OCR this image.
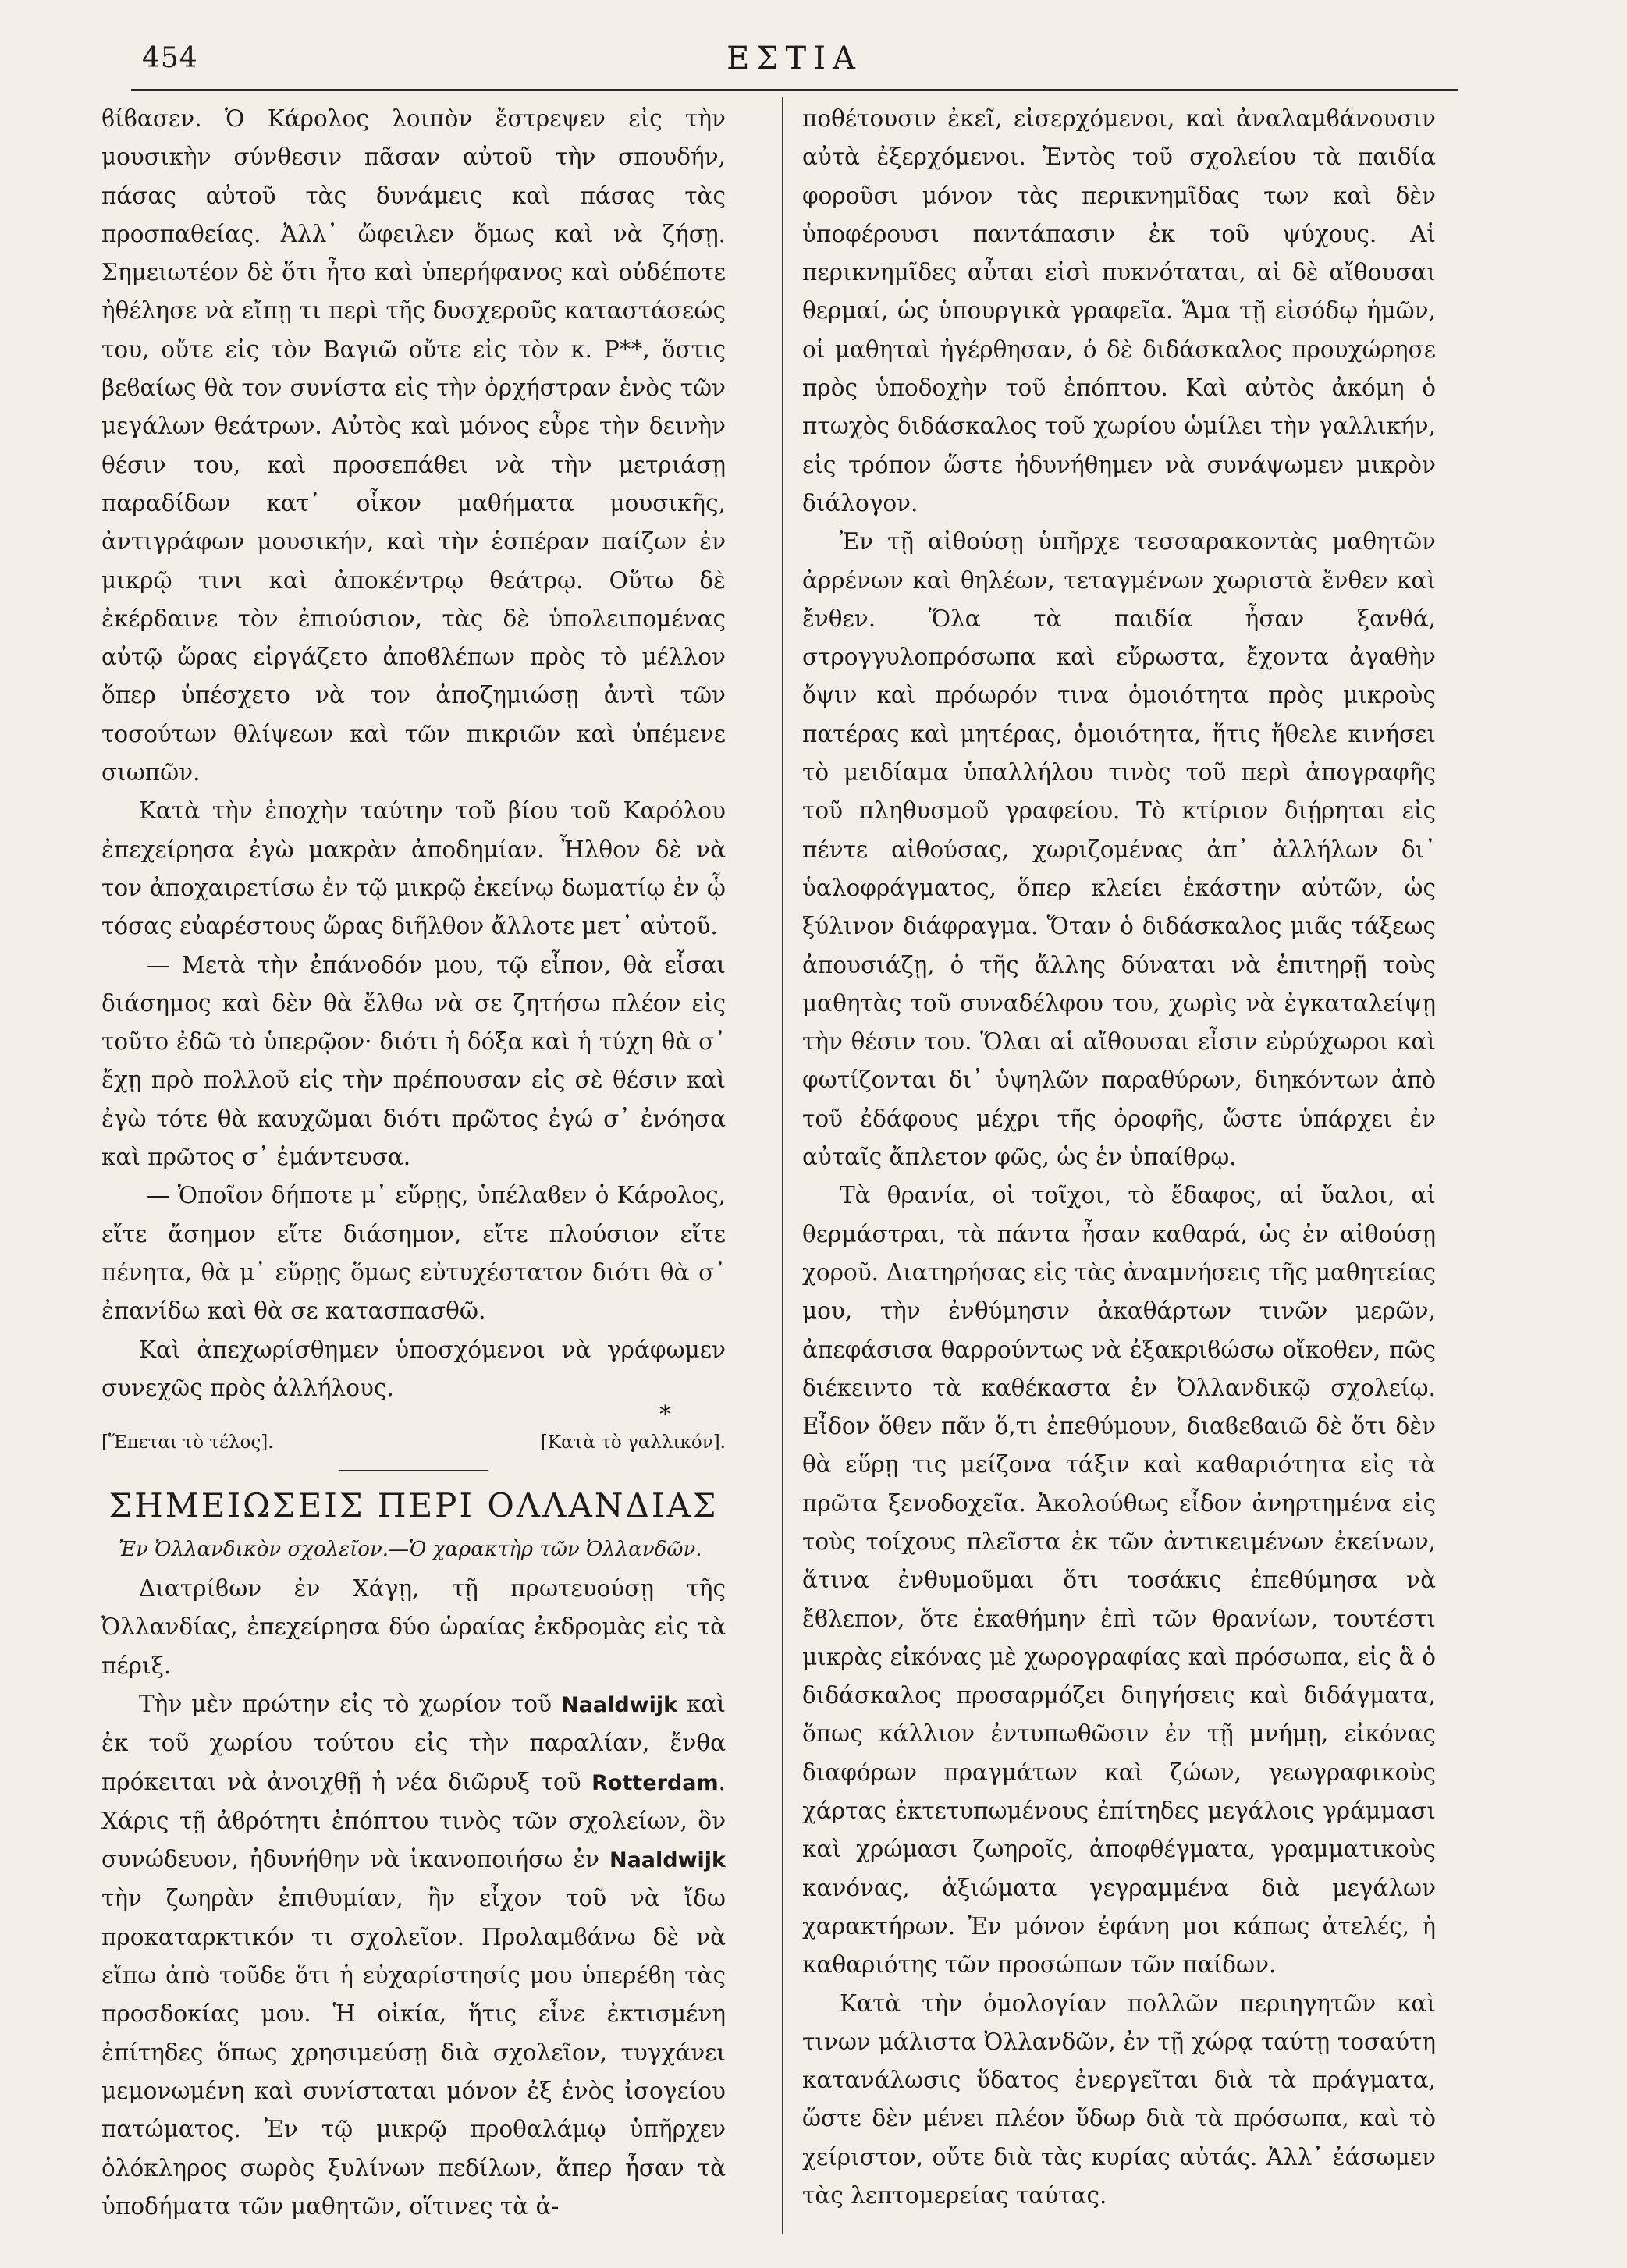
454	ΕΣΤΙΑ

ϐίϐασεν. Ὁ Κάρολος λοιπὸν ἔστρεψεν εἰς τὴν μουσικὴν σύνθεσιν πᾶσαν αὐτοῦ τὴν σπουδήν, πάσας αὐτοῦ τὰς δυνάμεις καὶ πάσας τὰς προσπαθείας. Ἀλλ᾽ ὤφειλεν ὅμως καὶ νὰ ζήσῃ. Σημειωτέον δὲ ὅτι ἦτο καὶ ὑπερήφανος καὶ οὐδέποτε ἠθέλησε νὰ εἴπῃ τι περὶ τῆς δυσχεροῦς καταστάσεώς του, οὔτε εἰς τὸν Βαγιῶ οὔτε εἰς τὸν κ. Ρ**, ὅστις βεϐαίως θὰ τον συνίστα εἰς τὴν ὀρχήστραν ἑνὸς τῶν μεγάλων θεάτρων. Αὐτὸς καὶ μόνος εὗρε τὴν δεινὴν θέσιν του, καὶ προσεπάθει νὰ τὴν μετριάσῃ παραδίδων κατ᾽ οἶκον μαθήματα μουσικῆς, ἀντιγράφων μουσικήν, καὶ τὴν ἑσπέραν παίζων ἐν μικρῷ τινι καὶ ἀποκέντρῳ θεάτρῳ. Οὕτω δὲ ἐκέρδαινε τὸν ἐπιούσιον, τὰς δὲ ὑπολειπομένας αὐτῷ ὥρας εἰργάζετο ἀποϐλέπων πρὸς τὸ μέλλον ὅπερ ὑπέσχετο νὰ τον ἀποζημιώσῃ ἀντὶ τῶν τοσούτων θλίψεων καὶ τῶν πικριῶν καὶ ὑπέμενε σιωπῶν.

Κατὰ τὴν ἐποχὴν ταύτην τοῦ βίου τοῦ Καρόλου ἐπεχείρησα ἐγὼ μακρὰν ἀποδημίαν. Ἦλθον δὲ νὰ τον ἀποχαιρετίσω ἐν τῷ μικρῷ ἐκείνῳ δωματίῳ ἐν ᾧ τόσας εὐαρέστους ὥρας διῆλθον ἄλλοτε μετ᾽ αὐτοῦ.

— Μετὰ τὴν ἐπάνοδόν μου, τῷ εἶπον, θὰ εἶσαι διάσημος καὶ δὲν θὰ ἔλθω νὰ σε ζητήσω πλέον εἰς τοῦτο ἐδῶ τὸ ὑπερῷον· διότι ἡ δόξα καὶ ἡ τύχη θὰ σ᾽ ἔχῃ πρὸ πολλοῦ εἰς τὴν πρέπουσαν εἰς σὲ θέσιν καὶ ἐγὼ τότε θὰ καυχῶμαι διότι πρῶτος ἐγώ σ᾽ ἐνόησα καὶ πρῶτος σ᾽ ἐμάντευσα.

— Ὁποῖον δήποτε μ᾽ εὕρῃς, ὑπέλαϐεν ὁ Κάρολος, εἴτε ἄσημον εἴτε διάσημον, εἴτε πλούσιον εἴτε πένητα, θὰ μ᾽ εὕρῃς ὅμως εὐτυχέστατον διότι θὰ σ᾽ ἐπανίδω καὶ θὰ σε κατασπασθῶ.

Καὶ ἀπεχωρίσθημεν ὑποσχόμενοι νὰ γράφωμεν συνεχῶς πρὸς ἀλλήλους.

*
[Ἕπεται τὸ τέλος].	[Κατὰ τὸ γαλλικόν].
ΣΗΜΕΙΩΣΕΙΣ ΠΕΡΙ ΟΛΛΑΝΔΙΑΣ
Ἐν Ὀλλανδικὸν σχολεῖον.—Ὁ χαρακτὴρ τῶν Ὀλλανδῶν.

Διατρίϐων ἐν Χάγῃ, τῇ πρωτευούσῃ τῆς Ὀλλανδίας, ἐπεχείρησα δύο ὡραίας ἐκδρομὰς εἰς τὰ πέριξ.

Τὴν μὲν πρώτην εἰς τὸ χωρίον τοῦ Naaldwijk καὶ ἐκ τοῦ χωρίου τούτου εἰς τὴν παραλίαν, ἔνθα πρόκειται νὰ ἀνοιχθῇ ἡ νέα διῶρυξ τοῦ Rotterdam. Χάρις τῇ ἀϐρότητι ἐπόπτου τινὸς τῶν σχολείων, ὃν συνώδευον, ἠδυνήθην νὰ ἱκανοποιήσω ἐν Naaldwijk τὴν ζωηρὰν ἐπιθυμίαν, ἣν εἶχον τοῦ νὰ ἴδω προκαταρκτικόν τι σχολεῖον. Προλαμϐάνω δὲ νὰ εἴπω ἀπὸ τοῦδε ὅτι ἡ εὐχαρίστησίς μου ὑπερέϐη τὰς προσδοκίας μου. Ἡ οἰκία, ἥτις εἶνε ἐκτισμένη ἐπίτηδες ὅπως χρησιμεύσῃ διὰ σχολεῖον, τυγχάνει μεμονωμένη καὶ συνίσταται μόνον ἐξ ἑνὸς ἰσογείου πατώματος. Ἐν τῷ μικρῷ προθαλάμῳ ὑπῆρχεν ὁλόκληρος σωρὸς ξυλίνων πεδίλων, ἅπερ ἦσαν τὰ ὑποδήματα τῶν μαθητῶν, οἵτινες τὰ ἀ-

ποθέτουσιν ἐκεῖ, εἰσερχόμενοι, καὶ ἀναλαμϐάνουσιν αὐτὰ ἐξερχόμενοι. Ἐντὸς τοῦ σχολείου τὰ παιδία φοροῦσι μόνον τὰς περικνημῖδας των καὶ δὲν ὑποφέρουσι παντάπασιν ἐκ τοῦ ψύχους. Αἱ περικνημῖδες αὗται εἰσὶ πυκνόταται, αἱ δὲ αἴθουσαι θερμαί, ὡς ὑπουργικὰ γραφεῖα. Ἅμα τῇ εἰσόδῳ ἡμῶν, οἱ μαθηταὶ ἠγέρθησαν, ὁ δὲ διδάσκαλος προυχώρησε πρὸς ὑποδοχὴν τοῦ ἐπόπτου. Καὶ αὐτὸς ἀκόμη ὁ πτωχὸς διδάσκαλος τοῦ χωρίου ὡμίλει τὴν γαλλικήν, εἰς τρόπον ὥστε ἠδυνήθημεν νὰ συνάψωμεν μικρὸν διάλογον.

Ἐν τῇ αἰθούσῃ ὑπῆρχε τεσσαρακοντὰς μαθητῶν ἀρρένων καὶ θηλέων, τεταγμένων χωριστὰ ἔνθεν καὶ ἔνθεν. Ὅλα τὰ παιδία ἦσαν ξανθά, στρογγυλοπρόσωπα καὶ εὔρωστα, ἔχοντα ἀγαθὴν ὄψιν καὶ πρόωρόν τινα ὁμοιότητα πρὸς μικροὺς πατέρας καὶ μητέρας, ὁμοιότητα, ἥτις ἤθελε κινήσει τὸ μειδίαμα ὑπαλλήλου τινὸς τοῦ περὶ ἀπογραφῆς τοῦ πληθυσμοῦ γραφείου. Τὸ κτίριον διῄρηται εἰς πέντε αἰθούσας, χωριζομένας ἀπ᾽ ἀλλήλων δι᾽ ὑαλοφράγματος, ὅπερ κλείει ἑκάστην αὐτῶν, ὡς ξύλινον διάφραγμα. Ὅταν ὁ διδάσκαλος μιᾶς τάξεως ἀπουσιάζῃ, ὁ τῆς ἄλλης δύναται νὰ ἐπιτηρῇ τοὺς μαθητὰς τοῦ συναδέλφου του, χωρὶς νὰ ἐγκαταλείψῃ τὴν θέσιν του. Ὅλαι αἱ αἴθουσαι εἶσιν εὐρύχωροι καὶ φωτίζονται δι᾽ ὑψηλῶν παραθύρων, διηκόντων ἀπὸ τοῦ ἐδάφους μέχρι τῆς ὀροφῆς, ὥστε ὑπάρχει ἐν αὐταῖς ἄπλετον φῶς, ὡς ἐν ὑπαίθρῳ.

Τὰ θρανία, οἱ τοῖχοι, τὸ ἔδαφος, αἱ ὕαλοι, αἱ θερμάστραι, τὰ πάντα ἦσαν καθαρά, ὡς ἐν αἰθούσῃ χοροῦ. Διατηρήσας εἰς τὰς ἀναμνήσεις τῆς μαθητείας μου, τὴν ἐνθύμησιν ἀκαθάρτων τινῶν μερῶν, ἀπεφάσισα θαρρούντως νὰ ἐξακριϐώσω οἴκοθεν, πῶς διέκειντο τὰ καθέκαστα ἐν Ὀλλανδικῷ σχολείῳ. Εἶδον ὅθεν πᾶν ὅ,τι ἐπεθύμουν, διαϐεϐαιῶ δὲ ὅτι δὲν θὰ εὕρῃ τις μείζονα τάξιν καὶ καθαριότητα εἰς τὰ πρῶτα ξενοδοχεῖα. Ἀκολούθως εἶδον ἀνηρτημένα εἰς τοὺς τοίχους πλεῖστα ἐκ τῶν ἀντικειμένων ἐκείνων, ἅτινα ἐνθυμοῦμαι ὅτι τοσάκις ἐπεθύμησα νὰ ἔϐλεπον, ὅτε ἐκαθήμην ἐπὶ τῶν θρανίων, τουτέστι μικρὰς εἰκόνας μὲ χωρογραφίας καὶ πρόσωπα, εἰς ἃ ὁ διδάσκαλος προσαρμόζει διηγήσεις καὶ διδάγματα, ὅπως κάλλιον ἐντυπωθῶσιν ἐν τῇ μνήμῃ, εἰκόνας διαφόρων πραγμάτων καὶ ζώων, γεωγραφικοὺς χάρτας ἐκτετυπωμένους ἐπίτηδες μεγάλοις γράμμασι καὶ χρώμασι ζωηροῖς, ἀποφθέγματα, γραμματικοὺς κανόνας, ἀξιώματα γεγραμμένα διὰ μεγάλων χαρακτήρων. Ἐν μόνον ἐφάνη μοι κάπως ἀτελές, ἡ καθαριότης τῶν προσώπων τῶν παίδων.

Κατὰ τὴν ὁμολογίαν πολλῶν περιηγητῶν καὶ τινων μάλιστα Ὀλλανδῶν, ἐν τῇ χώρᾳ ταύτῃ τοσαύτη κατανάλωσις ὕδατος ἐνεργεῖται διὰ τὰ πράγματα, ὥστε δὲν μένει πλέον ὕδωρ διὰ τὰ πρόσωπα, καὶ τὸ χείριστον, οὔτε διὰ τὰς κυρίας αὐτάς. Ἀλλ᾽ ἐάσωμεν τὰς λεπτομερείας ταύτας.
